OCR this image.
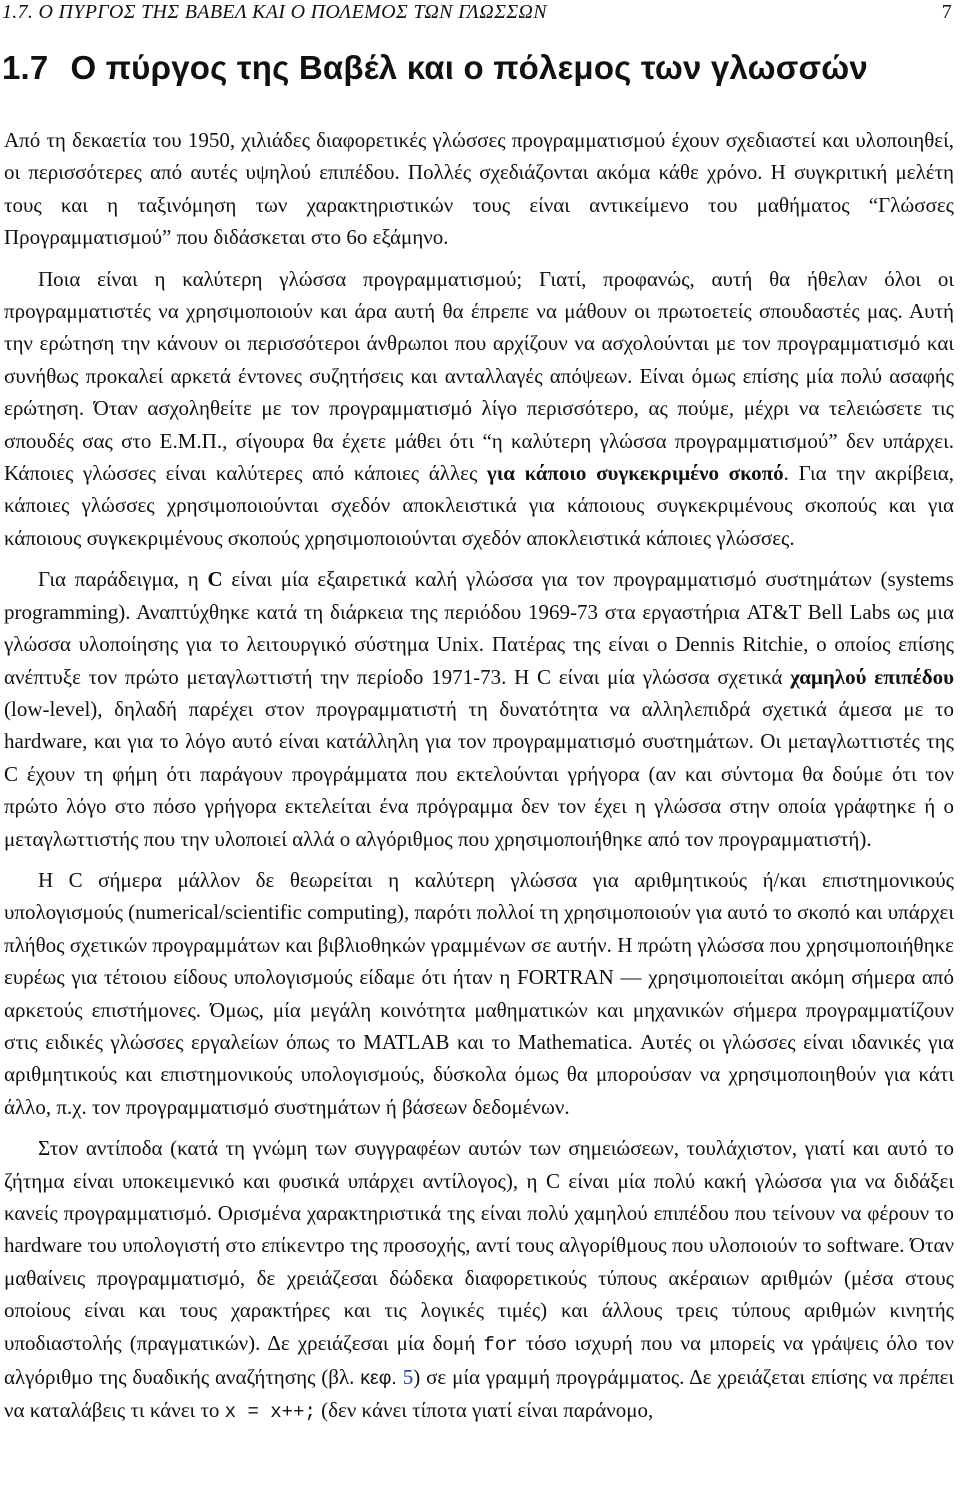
1.7. Ο ΠΥΡΓΟΣ ΤΗΣ ΒΑΒΕΛ ΚΑΙ Ο ΠΟΛΕΜΟΣ ΤΩΝ ΓΛΩΣΣΩΝ	7
1.7 Ο πύργος της Βαβέλ και ο πόλεμος των γλωσσών

Από τη δεκαετία του 1950, χιλιάδες διαφορετικές γλώσσες προγραμματισμού έχουν σχεδιαστεί και υλοποιηθεί, οι περισσότερες από αυτές υψηλού επιπέδου. Πολλές σχεδιάζονται ακόμα κάθε χρόνο. Η συγκριτική μελέτη τους και η ταξινόμηση των χαρακτηριστικών τους είναι αντικείμενο του μαθήματος “Γλώσσες Προγραμματισμού” που διδάσκεται στο 6ο εξάμηνο.

Ποια είναι η καλύτερη γλώσσα προγραμματισμού; Γιατί, προφανώς, αυτή θα ήθελαν όλοι οι προγραμματιστές να χρησιμοποιούν και άρα αυτή θα έπρεπε να μάθουν οι πρωτοετείς σπουδαστές μας. Αυτή την ερώτηση την κάνουν οι περισσότεροι άνθρωποι που αρχίζουν να ασχολούνται με τον προγραμματισμό και συνήθως προκαλεί αρκετά έντονες συζητήσεις και ανταλλαγές απόψεων. Είναι όμως επίσης μία πολύ ασαφής ερώτηση. Όταν ασχοληθείτε με τον προγραμματισμό λίγο περισσότερο, ας πούμε, μέχρι να τελειώσετε τις σπουδές σας στο Ε.Μ.Π., σίγουρα θα έχετε μάθει ότι “η καλύτερη γλώσσα προγραμματισμού” δεν υπάρχει. Κάποιες γλώσσες είναι καλύτερες από κάποιες άλλες για κάποιο συγκεκριμένο σκοπό. Για την ακρίβεια, κάποιες γλώσσες χρησιμοποιούνται σχεδόν αποκλειστικά για κάποιους συγκεκριμένους σκοπούς και για κάποιους συγκεκριμένους σκοπούς χρησιμοποιούνται σχεδόν αποκλειστικά κάποιες γλώσσες.

Για παράδειγμα, η C είναι μία εξαιρετικά καλή γλώσσα για τον προγραμματισμό συστημάτων (systems programming). Αναπτύχθηκε κατά τη διάρκεια της περιόδου 1969-73 στα εργαστήρια AT&T Bell Labs ως μια γλώσσα υλοποίησης για το λειτουργικό σύστημα Unix. Πατέρας της είναι ο Dennis Ritchie, ο οποίος επίσης ανέπτυξε τον πρώτο μεταγλωττιστή την περίοδο 1971-73. Η C είναι μία γλώσσα σχετικά χαμηλού επιπέδου (low-level), δηλαδή παρέχει στον προγραμματιστή τη δυνατότητα να αλληλεπιδρά σχετικά άμεσα με το hardware, και για το λόγο αυτό είναι κατάλληλη για τον προγραμματισμό συστημάτων. Οι μεταγλωττιστές της C έχουν τη φήμη ότι παράγουν προγράμματα που εκτελούνται γρήγορα (αν και σύντομα θα δούμε ότι τον πρώτο λόγο στο πόσο γρήγορα εκτελείται ένα πρόγραμμα δεν τον έχει η γλώσσα στην οποία γράφτηκε ή ο μεταγλωττιστής που την υλοποιεί αλλά ο αλγόριθμος που χρησιμοποιήθηκε από τον προγραμματιστή).

Η C σήμερα μάλλον δε θεωρείται η καλύτερη γλώσσα για αριθμητικούς ή/και επιστημονικούς υπολογισμούς (numerical/scientific computing), παρότι πολλοί τη χρησιμοποιούν για αυτό το σκοπό και υπάρχει πλήθος σχετικών προγραμμάτων και βιβλιοθηκών γραμμένων σε αυτήν. Η πρώτη γλώσσα που χρησιμοποιήθηκε ευρέως για τέτοιου είδους υπολογισμούς είδαμε ότι ήταν η FORTRAN — χρησιμοποιείται ακόμη σήμερα από αρκετούς επιστήμονες. Όμως, μία μεγάλη κοινότητα μαθηματικών και μηχανικών σήμερα προγραμματίζουν στις ειδικές γλώσσες εργαλείων όπως το MATLAB και το Mathematica. Αυτές οι γλώσσες είναι ιδανικές για αριθμητικούς και επιστημονικούς υπολογισμούς, δύσκολα όμως θα μπορούσαν να χρησιμοποιηθούν για κάτι άλλο, π.χ. τον προγραμματισμό συστημάτων ή βάσεων δεδομένων.

Στον αντίποδα (κατά τη γνώμη των συγγραφέων αυτών των σημειώσεων, τουλάχιστον, γιατί και αυτό το ζήτημα είναι υποκειμενικό και φυσικά υπάρχει αντίλογος), η C είναι μία πολύ κακή γλώσσα για να διδάξει κανείς προγραμματισμό. Ορισμένα χαρακτηριστικά της είναι πολύ χαμηλού επιπέδου που τείνουν να φέρουν το hardware του υπολογιστή στο επίκεντρο της προσοχής, αντί τους αλγορίθμους που υλοποιούν το software. Όταν μαθαίνεις προγραμματισμό, δε χρειάζεσαι δώδεκα διαφορετικούς τύπους ακέραιων αριθμών (μέσα στους οποίους είναι και τους χαρακτήρες και τις λογικές τιμές) και άλλους τρεις τύπους αριθμών κινητής υποδιαστολής (πραγματικών). Δε χρειάζεσαι μία δομή for τόσο ισχυρή που να μπορείς να γράψεις όλο τον αλγόριθμο της δυαδικής αναζήτησης (βλ. κεφ. 5) σε μία γραμμή προγράμματος. Δε χρειάζεται επίσης να πρέπει να καταλάβεις τι κάνει το x = x++; (δεν κάνει τίποτα γιατί είναι παράνομο,
